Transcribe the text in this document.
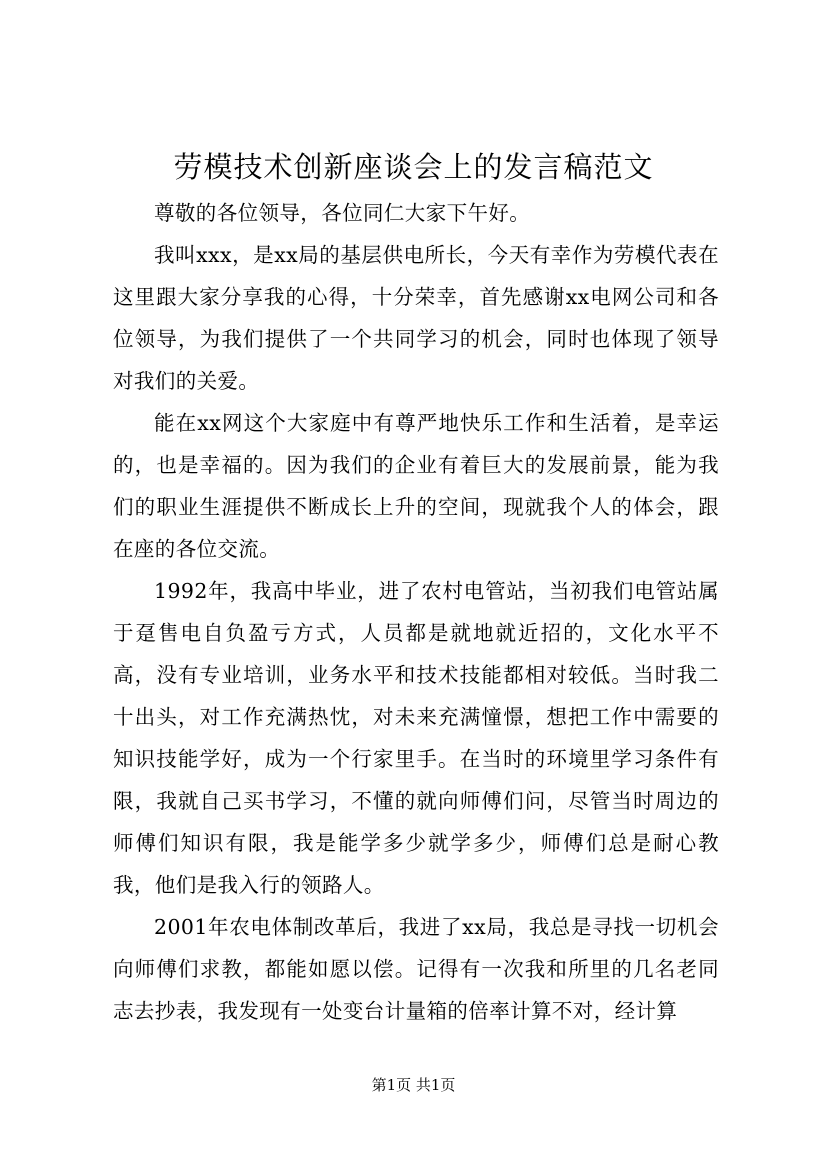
劳模技术创新座谈会上的发言稿范文

尊敬的各位领导，各位同仁大家下午好。

我叫xxx，是xx局的基层供电所长，今天有幸作为劳模代表在这里跟大家分享我的心得，十分荣幸，首先感谢xx电网公司和各位领导，为我们提供了一个共同学习的机会，同时也体现了领导对我们的关爱。

能在xx网这个大家庭中有尊严地快乐工作和生活着，是幸运的，也是幸福的。因为我们的企业有着巨大的发展前景，能为我们的职业生涯提供不断成长上升的空间，现就我个人的体会，跟在座的各位交流。

1992年，我高中毕业，进了农村电管站，当初我们电管站属于趸售电自负盈亏方式，人员都是就地就近招的，文化水平不高，没有专业培训，业务水平和技术技能都相对较低。当时我二十出头，对工作充满热忱，对未来充满憧憬，想把工作中需要的知识技能学好，成为一个行家里手。在当时的环境里学习条件有限，我就自己买书学习，不懂的就向师傅们问，尽管当时周边的师傅们知识有限，我是能学多少就学多少，师傅们总是耐心教我，他们是我入行的领路人。

2001年农电体制改革后，我进了xx局，我总是寻找一切机会向师傅们求教，都能如愿以偿。记得有一次我和所里的几名老同志去抄表，我发现有一处变台计量箱的倍率计算不对，经计算

第1页 共1页
